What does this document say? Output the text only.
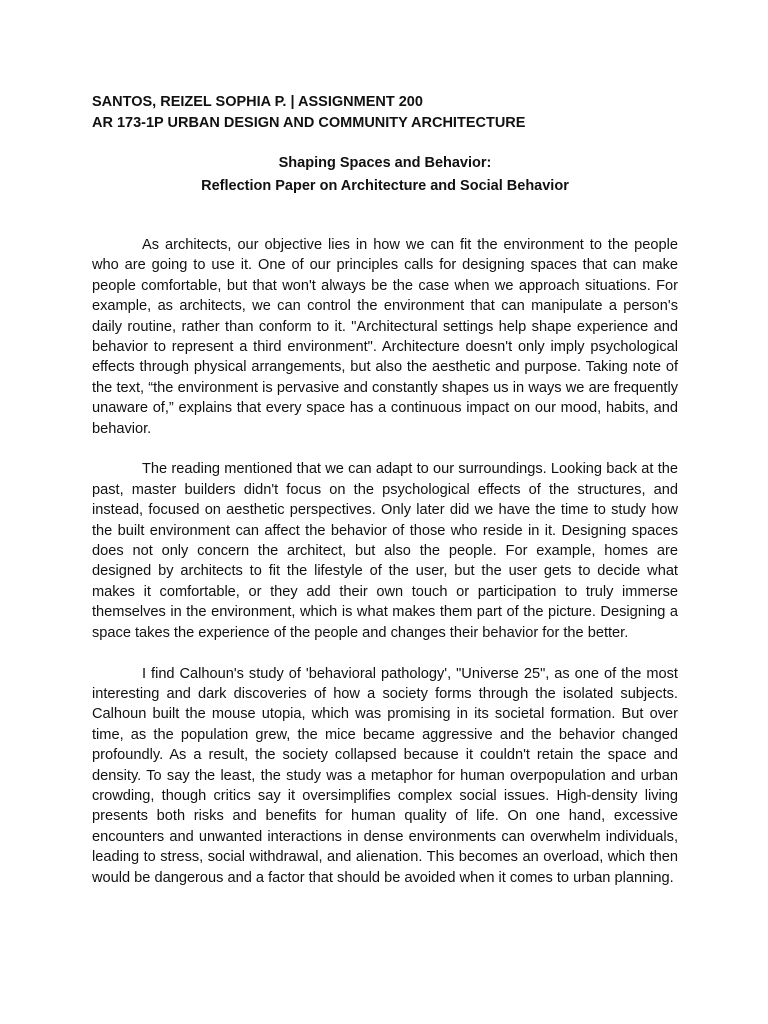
SANTOS, REIZEL SOPHIA P. | ASSIGNMENT 200
AR 173-1P URBAN DESIGN AND COMMUNITY ARCHITECTURE
Shaping Spaces and Behavior:
Reflection Paper on Architecture and Social Behavior

As architects, our objective lies in how we can fit the environment to the people who are going to use it. One of our principles calls for designing spaces that can make people comfortable, but that won't always be the case when we approach situations. For example, as architects, we can control the environment that can manipulate a person's daily routine, rather than conform to it. "Architectural settings help shape experience and behavior to represent a third environment". Architecture doesn't only imply psychological effects through physical arrangements, but also the aesthetic and purpose. Taking note of the text, “the environment is pervasive and constantly shapes us in ways we are frequently unaware of,” explains that every space has a continuous impact on our mood, habits, and behavior.

The reading mentioned that we can adapt to our surroundings. Looking back at the past, master builders didn't focus on the psychological effects of the structures, and instead, focused on aesthetic perspectives. Only later did we have the time to study how the built environment can affect the behavior of those who reside in it. Designing spaces does not only concern the architect, but also the people. For example, homes are designed by architects to fit the lifestyle of the user, but the user gets to decide what makes it comfortable, or they add their own touch or participation to truly immerse themselves in the environment, which is what makes them part of the picture. Designing a space takes the experience of the people and changes their behavior for the better.

I find Calhoun's study of 'behavioral pathology', "Universe 25", as one of the most interesting and dark discoveries of how a society forms through the isolated subjects. Calhoun built the mouse utopia, which was promising in its societal formation. But over time, as the population grew, the mice became aggressive and the behavior changed profoundly. As a result, the society collapsed because it couldn't retain the space and density. To say the least, the study was a metaphor for human overpopulation and urban crowding, though critics say it oversimplifies complex social issues. High-density living presents both risks and benefits for human quality of life. On one hand, excessive encounters and unwanted interactions in dense environments can overwhelm individuals, leading to stress, social withdrawal, and alienation. This becomes an overload, which then would be dangerous and a factor that should be avoided when it comes to urban planning.
